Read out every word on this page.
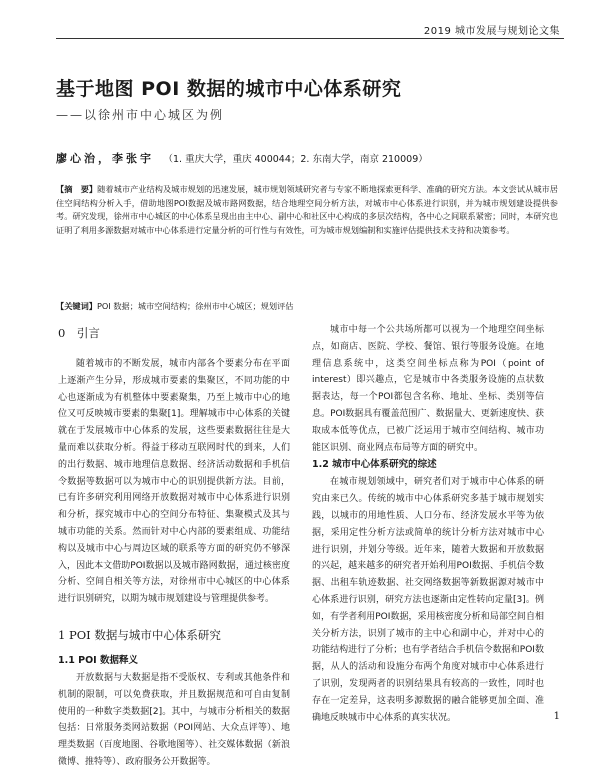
2019 城市发展与规划论文集
基于地图 POI 数据的城市中心体系研究
——以徐州市中心城区为例
廖心治，李张宇 （1. 重庆大学，重庆 400044；2. 东南大学，南京 210009）
【摘　要】随着城市产业结构及城市规划的迅速发展，城市规划领域研究者与专家不断地探索更科学、准确的研究方法。本文尝试从城市居住空间结构分析入手，借助地图POI数据及城市路网数据，结合地理空间分析方法，对城市中心体系进行识别，并为城市规划建设提供参考。研究发现，徐州市中心城区的中心体系呈现出由主中心、副中心和社区中心构成的多层次结构，各中心之间联系紧密；同时，本研究也证明了利用多源数据对城市中心体系进行定量分析的可行性与有效性，可为城市规划编制和实施评估提供技术支持和决策参考。
【关键词】POI 数据；城市空间结构；徐州市中心城区；规划评估
0　引言

随着城市的不断发展，城市内部各个要素分布在平面上逐渐产生分异，形成城市要素的集聚区，不同功能的中心也逐渐成为有机整体中要素聚集，乃至上城市中心的地位又可反映城市要素的集聚[1]。理解城市中心体系的关键就在于发展城市中心体系的发展，这些要素数据往往是大量而难以获取分析。得益于移动互联网时代的到来，人们的出行数据、城市地理信息数据、经济活动数据和手机信令数据等数据可以为城市中心的识别提供新方法。目前，已有许多研究利用网络开放数据对城市中心体系进行识别和分析，探究城市中心的空间分布特征、集聚模式及其与城市功能的关系。然而针对中心内部的要素组成、功能结构以及城市中心与周边区域的联系等方面的研究仍不够深入，因此本文借助POI数据以及城市路网数据，通过核密度分析、空间自相关等方法，对徐州市中心城区的中心体系进行识别研究，以期为城市规划建设与管理提供参考。

1 POI 数据与城市中心体系研究
1.1 POI 数据释义

开放数据与大数据是指不受版权、专利或其他条件和机制的限制，可以免费获取，并且数据规范和可自由复制使用的一种数字类数据[2]。其中，与城市分析相关的数据包括：日常服务类网站数据（POI网站、大众点评等）、地理类数据（百度地图、谷歌地图等）、社交媒体数据（新浪微博、推特等）、政府服务公开数据等。

城市中每一个公共场所都可以视为一个地理空间坐标点，如商店、医院、学校、餐馆、银行等服务设施。在地理信息系统中，这类空间坐标点称为POI（point of interest）即兴趣点，它是城市中各类服务设施的点状数据表达，每一个POI都包含名称、地址、坐标、类别等信息。POI数据具有覆盖范围广、数据量大、更新速度快、获取成本低等优点，已被广泛运用于城市空间结构、城市功能区识别、商业网点布局等方面的研究中。

1.2 城市中心体系研究的综述

在城市规划领域中，研究者们对于城市中心体系的研究由来已久。传统的城市中心体系研究多基于城市规划实践，以城市的用地性质、人口分布、经济发展水平等为依据，采用定性分析方法或简单的统计分析方法对城市中心进行识别，并划分等级。近年来，随着大数据和开放数据的兴起，越来越多的研究者开始利用POI数据、手机信令数据、出租车轨迹数据、社交网络数据等新数据源对城市中心体系进行识别，研究方法也逐渐由定性转向定量[3]。例如，有学者利用POI数据，采用核密度分析和局部空间自相关分析方法，识别了城市的主中心和副中心，并对中心的功能结构进行了分析；也有学者结合手机信令数据和POI数据，从人的活动和设施分布两个角度对城市中心体系进行了识别，发现两者的识别结果具有较高的一致性，同时也存在一定差异，这表明多源数据的融合能够更加全面、准确地反映城市中心体系的真实状况。	1
